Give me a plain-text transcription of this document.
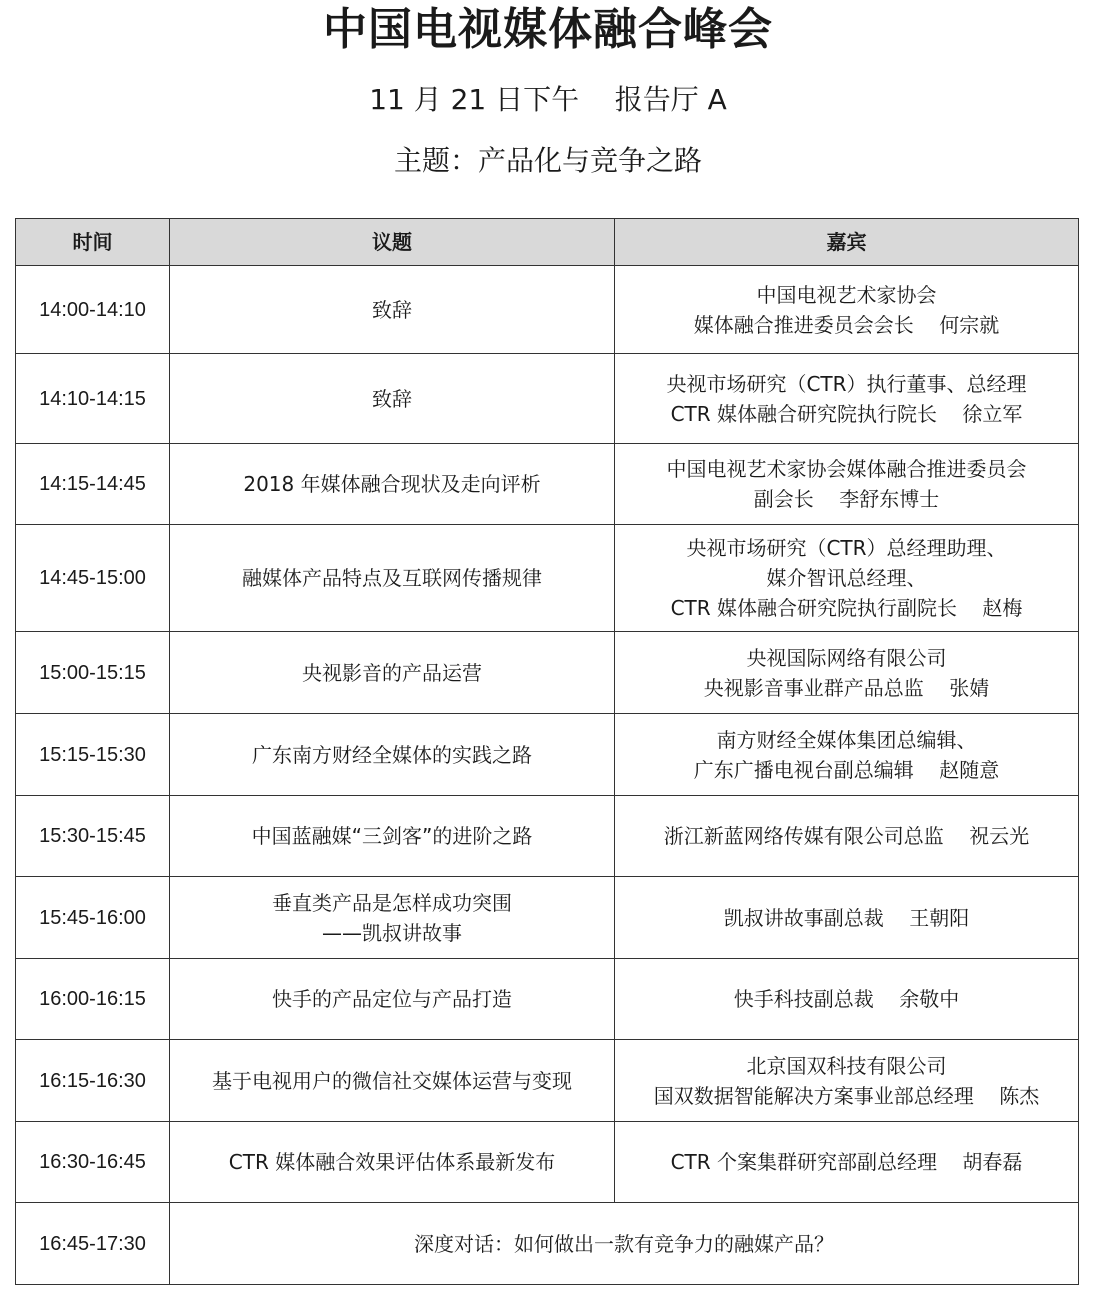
中国电视媒体融合峰会
11 月 21 日下午    报告厅 A
主题：产品化与竞争之路
时间	议题	嘉宾
14:00-14:10	致辞	中国电视艺术家协会
媒体融合推进委员会会长    何宗就

14:10-14:15	致辞	央视市场研究（CTR）执行董事、总经理
CTR 媒体融合研究院执行院长    徐立军

14:15-14:45	2018 年媒体融合现状及走向评析	中国电视艺术家协会媒体融合推进委员会
副会长    李舒东博士

14:45-15:00	融媒体产品特点及互联网传播规律	央视市场研究（CTR）总经理助理、
媒介智讯总经理、
CTR 媒体融合研究院执行副院长    赵梅

15:00-15:15	央视影音的产品运营	央视国际网络有限公司
央视影音事业群产品总监    张婧

15:15-15:30	广东南方财经全媒体的实践之路	南方财经全媒体集团总编辑、
广东广播电视台副总编辑    赵随意

15:30-15:45	中国蓝融媒“三剑客”的进阶之路	浙江新蓝网络传媒有限公司总监    祝云光

15:45-16:00	垂直类产品是怎样成功突围
——凯叔讲故事	凯叔讲故事副总裁    王朝阳

16:00-16:15	快手的产品定位与产品打造	快手科技副总裁    余敬中

16:15-16:30	基于电视用户的微信社交媒体运营与变现	北京国双科技有限公司
国双数据智能解决方案事业部总经理    陈杰

16:30-16:45	CTR 媒体融合效果评估体系最新发布	CTR 个案集群研究部副总经理    胡春磊

16:45-17:30	深度对话：如何做出一款有竞争力的融媒产品？	
